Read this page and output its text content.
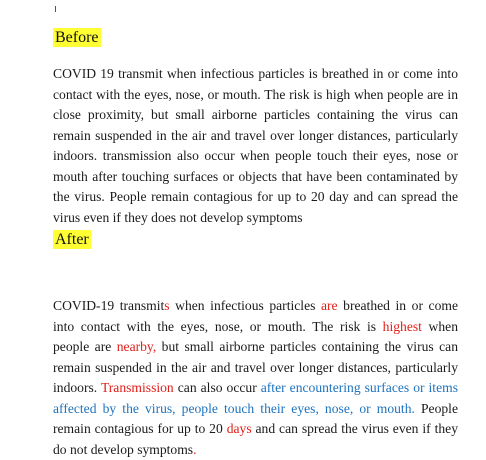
Before

COVID 19 transmit when infectious particles is breathed in or come into contact with the eyes, nose, or mouth. The risk is high when people are in close proximity, but small airborne particles containing the virus can remain suspended in the air and travel over longer distances, particularly indoors. transmission also occur when people touch their eyes, nose or mouth after touching surfaces or objects that have been contaminated by the virus. People remain contagious for up to 20 day and can spread the virus even if they does not develop symptoms

After

COVID-19 transmits when infectious particles are breathed in or come into contact with the eyes, nose, or mouth. The risk is highest when people are nearby, but small airborne particles containing the virus can remain suspended in the air and travel over longer distances, particularly indoors. Transmission can also occur after encountering surfaces or items affected by the virus, people touch their eyes, nose, or mouth. People remain contagious for up to 20 days and can spread the virus even if they do not develop symptoms.
